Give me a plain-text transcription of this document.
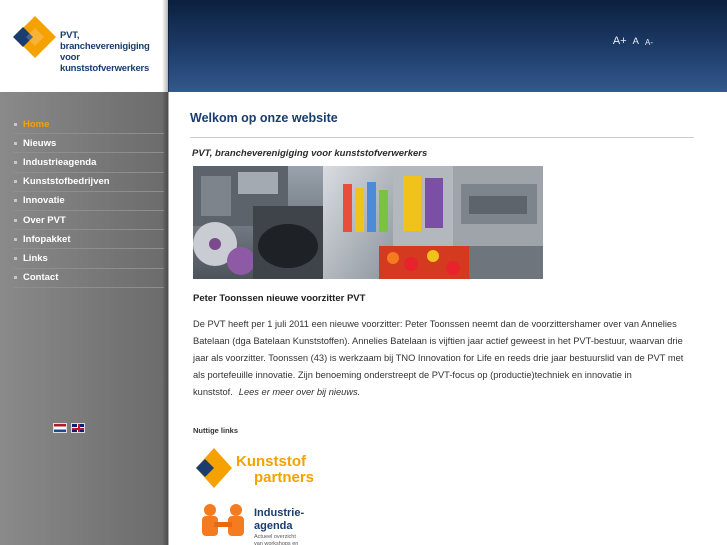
PVT, brancheverenigiging
voor kunststofverwerkers
A+ A A-
Home
Nieuws
Industrieagenda
Kunststofbedrijven
Innovatie
Over PVT
Infopakket
Links
Contact
Welkom op onze website
PVT, brancheverenigiging voor kunststofverwerkers
Peter Toonssen nieuwe voorzitter PVT
De PVT heeft per 1 juli 2011 een nieuwe voorzitter: Peter Toonssen neemt dan de voorzittershamer over van Annelies Batelaan (dga Batelaan Kunststoffen). Annelies Batelaan is vijftien jaar actief geweest in het PVT-bestuur, waarvan drie jaar als voorzitter. Toonssen (43) is werkzaam bij TNO Innovation for Life en reeds drie jaar bestuurslid van de PVT met als portefeuille innovatie. Zijn benoeming onderstreept de PVT-focus op (productie)techniek en innovatie in kunststof. Lees er meer over bij nieuws.
Nuttige links
Kunststof
partners
Industrie-
agenda
Actueel overzicht
van workshops en
